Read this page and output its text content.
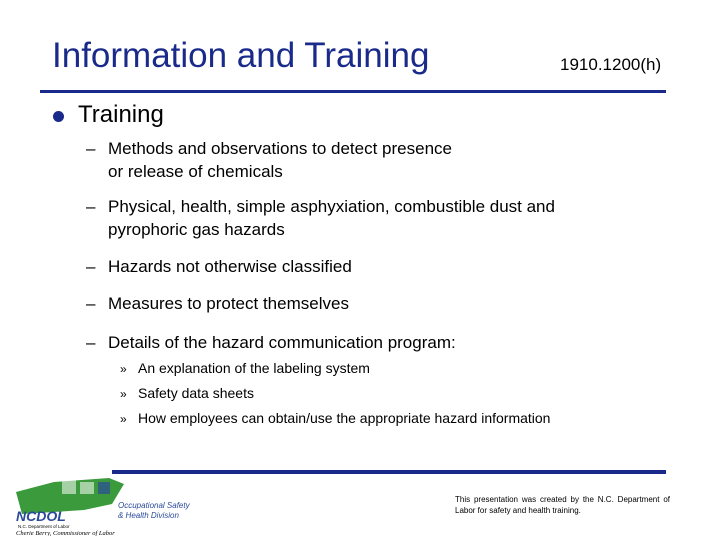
Information and Training	1910.1200(h)
Training
– Methods and observations to detect presence
or release of chemicals
– Physical, health, simple asphyxiation, combustible dust and
pyrophoric gas hazards
– Hazards not otherwise classified
– Measures to protect themselves
– Details of the hazard communication program:
» An explanation of the labeling system
» Safety data sheets
» How employees can obtain/use the appropriate hazard information
This presentation was created by the N.C. Department of Labor for safety and health training.
NCDOL
N.C. Department of Labor
Cherie Berry, Commissioner of Labor
Occupational Safety
& Health Division
